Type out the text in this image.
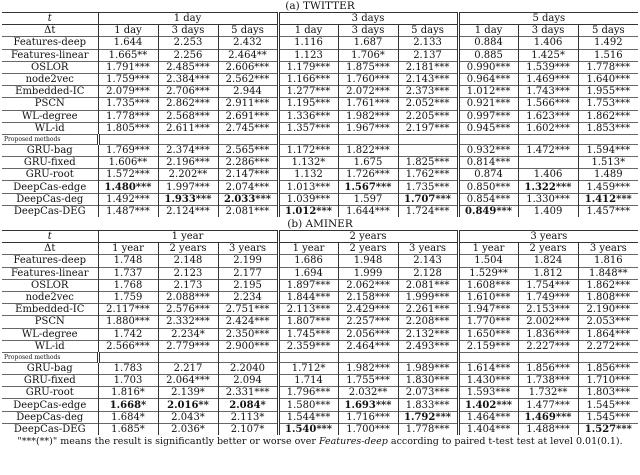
(a) TWITTER
t	1 day			3 days			5 days		
Δt	1 day	3 days	5 days	1 day	3 days	5 days	1 day	3 days	5 days
Features-deep	1.644	2.253	2.432	1.116	1.687	2.133	0.884	1.406	1.492
Features-linear	1.665**	2.256	2.464**	1.123	1.706*	2.137	0.885	1.425*	1.516
OSLOR	1.791***	2.485***	2.606***	1.179***	1.875***	2.181***	0.990***	1.539***	1.778***
node2vec	1.759***	2.384***	2.562***	1.166***	1.760***	2.143***	0.964***	1.469***	1.640***
Embedded-IC	2.079***	2.706***	2.944	1.277***	2.072***	2.373***	1.012***	1.743***	1.955***
PSCN	1.735***	2.862***	2.911***	1.195***	1.761***	2.052***	0.921***	1.566***	1.753***
WL-degree	1.778***	2.568***	2.691***	1.336***	1.982***	2.205***	0.997***	1.623***	1.862***
WL-id	1.805***	2.611***	2.745***	1.357***	1.967***	2.197***	0.945***	1.602***	1.853***
Proposed methods									
GRU-bag	1.769***	2.374***	2.565***	1.172***	1.822***		0.932***	1.472***	1.594***
GRU-fixed	1.606**	2.196***	2.286***	1.132*	1.675	1.825***	0.814***		1.513*
GRU-root	1.572***	2.202**	2.147***	1.132	1.726***	1.762***	0.874	1.406	1.489
DeepCas-edge	1.480***	1.997***	2.074***	1.013***	1.567***	1.735***	0.850***	1.322***	1.459***
DeepCas-deg	1.492***	1.933***	2.033***	1.039***	1.597	1.707***	0.854***	1.330***	1.412***
DeepCas-DEG	1.487***	2.124***	2.081***	1.012***	1.644***	1.724***	0.849***	1.409	1.457***
(b) AMINER
t	1 year			2 years			3 years		
Δt	1 year	2 years	3 years	1 year	2 years	3 years	1 year	2 years	3 years
Features-deep	1.748	2.148	2.199	1.686	1.948	2.143	1.504	1.824	1.816
Features-linear	1.737	2.123	2.177	1.694	1.999	2.128	1.529**	1.812	1.848**
OSLOR	1.768	2.173	2.195	1.897***	2.062***	2.081***	1.608***	1.754***	1.862***
node2vec	1.759	2.088***	2.234	1.844***	2.158***	1.999***	1.610***	1.749***	1.808***
Embedded-IC	2.117***	2.576***	2.751***	2.113***	2.429***	2.261***	1.947***	2.153***	2.190***
PSCN	1.880***	2.332***	2.424***	1.807***	2.257***	2.208***	1.770***	2.002***	2.053***
WL-degree	1.742	2.234*	2.350***	1.745***	2.056***	2.132***	1.650***	1.836***	1.864***
WL-id	2.566***	2.779***	2.900***	2.359***	2.464***	2.493***	2.159***	2.227***	2.272***
Proposed methods									
GRU-bag	1.783	2.217	2.2040	1.712*	1.982***	1.989***	1.614***	1.856***	1.856***
GRU-fixed	1.703	2.064***	2.094	1.714	1.755***	1.830***	1.430***	1.738***	1.710***
GRU-root	1.816*	2.139*	2.331***	1.796***	2.032**	2.073***	1.593***	1.732**	1.803***
DeepCas-edge	1.668*	2.016**	2.084*	1.580***	1.693***	1.833***	1.402***	1.477***	1.545***
DeepCas-deg	1.684*	2.043*	2.113*	1.544***	1.716***	1.792***	1.464***	1.469***	1.545***
DeepCas-DEG	1.685*	2.036*	2.107*	1.540***	1.700***	1.778***	1.404***	1.488***	1.527***
"***(**)" means the result is significantly better or worse over Features-deep according to paired t-test test at level 0.01(0.1).
